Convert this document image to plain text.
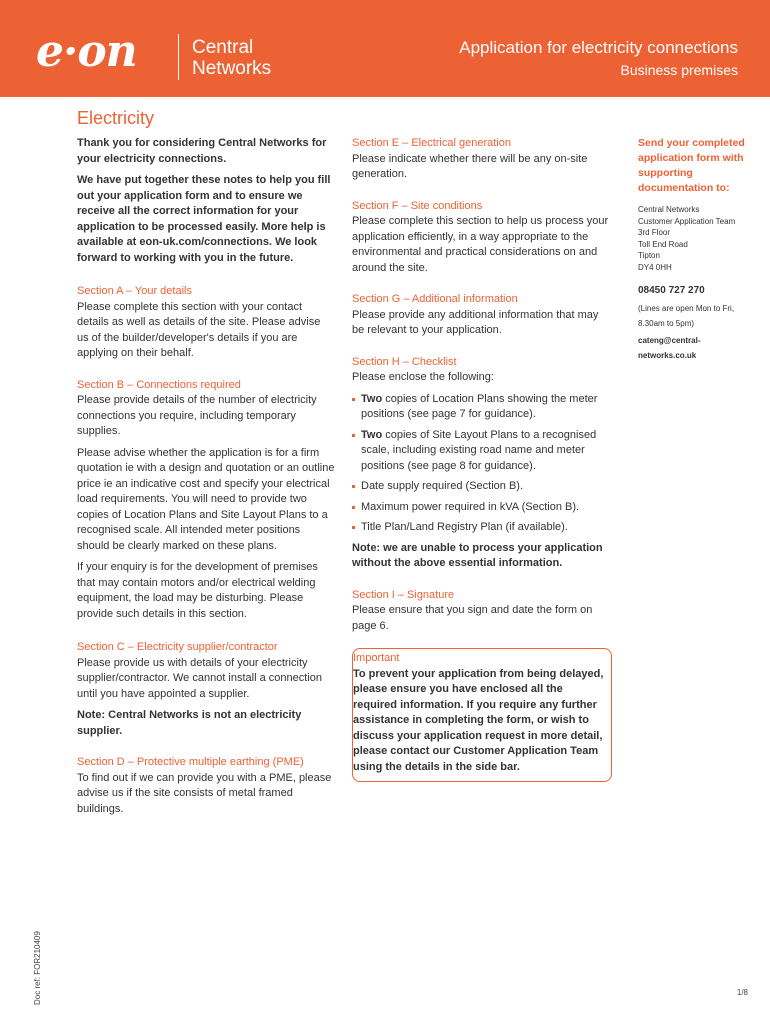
e·on	Central
Networks
Application for electricity connections
Business premises
Electricity

Thank you for considering Central Networks for your electricity connections.

We have put together these notes to help you fill out your application form and to ensure we receive all the correct information for your application to be processed easily. More help is available at eon-uk.com/connections. We look forward to working with you in the future.

Section A – Your details

Please complete this section with your contact details as well as details of the site. Please advise us of the builder/developer's details if you are applying on their behalf.

Section B – Connections required

Please provide details of the number of electricity connections you require, including temporary supplies.

Please advise whether the application is for a firm quotation ie with a design and quotation or an outline price ie an indicative cost and specify your electrical load requirements. You will need to provide two copies of Location Plans and Site Layout Plans to a recognised scale. All intended meter positions should be clearly marked on these plans.

If your enquiry is for the development of premises that may contain motors and/or electrical welding equipment, the load may be disturbing. Please provide such details in this section.

Section C – Electricity supplier/contractor

Please provide us with details of your electricity supplier/contractor. We cannot install a connection until you have appointed a supplier.

Note: Central Networks is not an electricity supplier.

Section D – Protective multiple earthing (PME)

To find out if we can provide you with a PME, please advise us if the site consists of metal framed buildings.

Section E – Electrical generation

Please indicate whether there will be any on-site generation.

Section F – Site conditions

Please complete this section to help us process your application efficiently, in a way appropriate to the environmental and practical considerations on and around the site.

Section G – Additional information

Please provide any additional information that may be relevant to your application.

Section H – Checklist

Please enclose the following:

Two copies of Location Plans showing the meter positions (see page 7 for guidance).
Two copies of Site Layout Plans to a recognised scale, including existing road name and meter positions (see page 8 for guidance).
Date supply required (Section B).
Maximum power required in kVA (Section B).
Title Plan/Land Registry Plan (if available).

Note: we are unable to process your application without the above essential information.

Section I – Signature

Please ensure that you sign and date the form on page 6.

Important

To prevent your application from being delayed, please ensure you have enclosed all the required information. If you require any further assistance in completing the form, or wish to discuss your application request in more detail, please contact our Customer Application Team using the details in the side bar.

Send your completed application form with supporting documentation to:

Central Networks
Customer Application Team
3rd Floor
Toll End Road
Tipton
DY4 0HH
08450 727 270
(Lines are open Mon to Fri, 8.30am to 5pm)
cateng@central-networks.co.uk
Doc ref: FOR210409	1/8
